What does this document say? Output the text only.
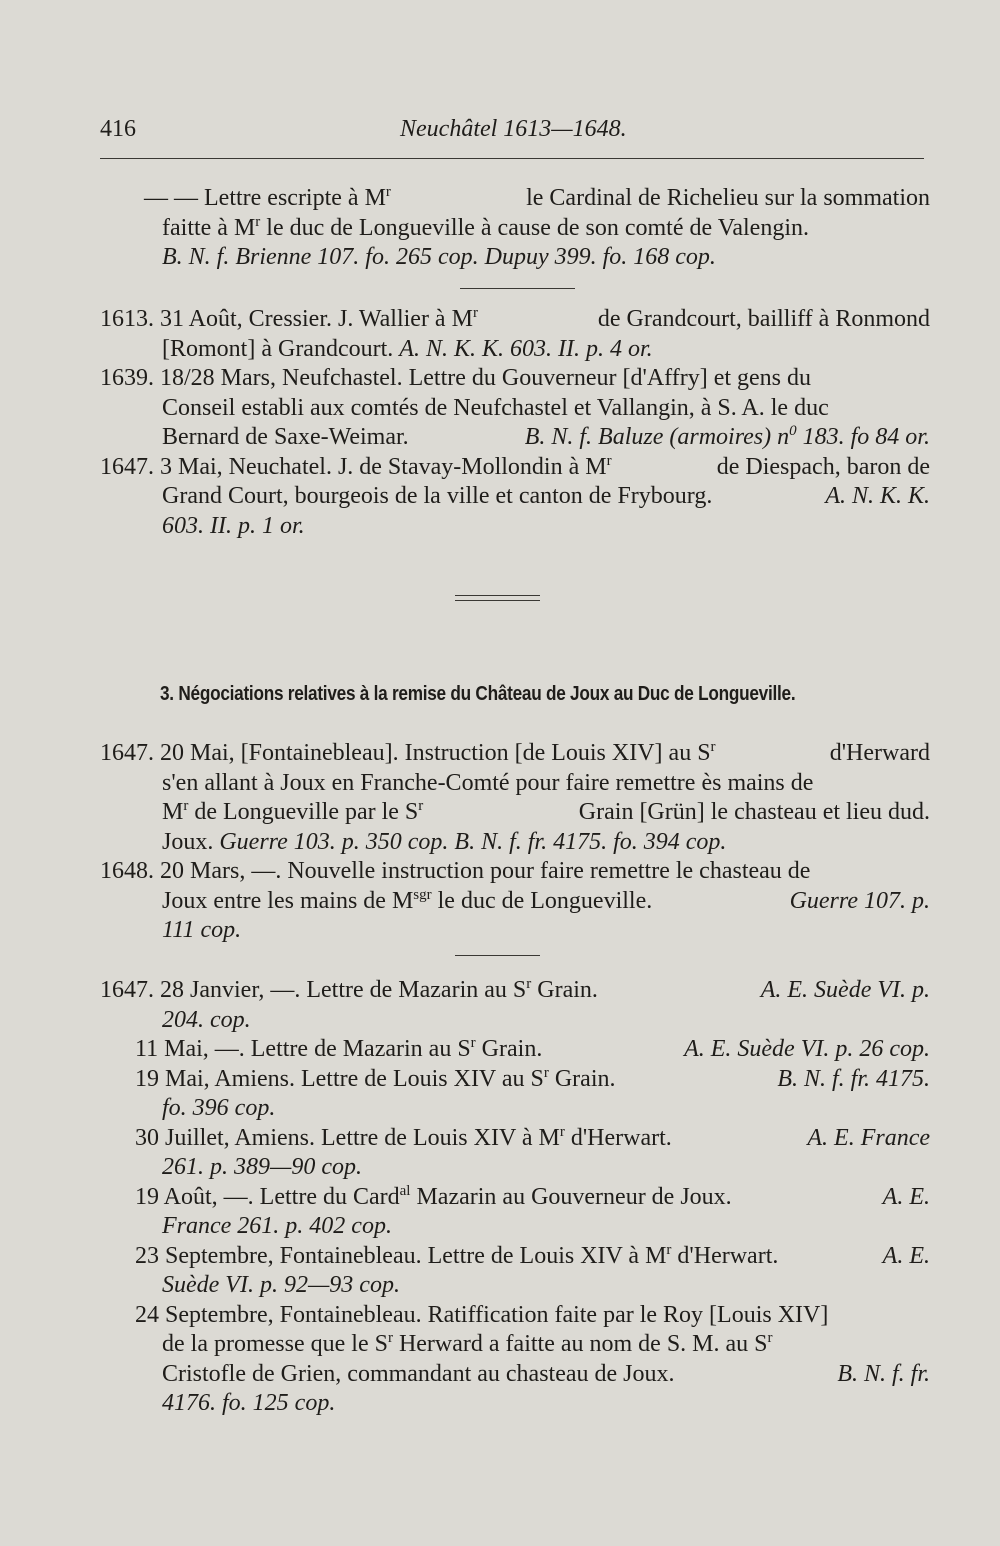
416	Neuchâtel 1613—1648.
— — Lettre escripte à $M^r$	le Cardinal de Richelieu sur la sommation
faitte à $M^r$ le duc de Longueville à cause de son comté de Valengin.
B. N. f. Brienne 107. fo. 265 cop. Dupuy 399. fo. 168 cop.
1613. 31 Août, Cressier. J. Wallier à $M^r$	de Grandcourt, bailliff à Ronmond
[Romont] à Grandcourt. A. N. K. K. 603. II. p. 4 or.
1639. 18/28 Mars, Neufchastel. Lettre du Gouverneur [d'Affry] et gens du
Conseil establi aux comtés de Neufchastel et Vallangin, à S. A. le duc
Bernard de Saxe-Weimar.	B. N. f. Baluze (armoires) $n^0$ 183. fo 84 or.
1647. 3 Mai, Neuchatel. J. de Stavay-Mollondin à $M^r$	de Diespach, baron de
Grand Court, bourgeois de la ville et canton de Frybourg.	A. N. K. K.
603. II. p. 1 or.
3. Négociations relatives à la remise du Château de Joux au Duc de Longueville.
1647. 20 Mai, [Fontainebleau]. Instruction [de Louis XIV] au $S^r$	d'Herward
s'en allant à Joux en Franche-Comté pour faire remettre ès mains de
$M^r$ de Longueville par le $S^r$	Grain [Grün] le chasteau et lieu dud.
Joux. Guerre 103. p. 350 cop. B. N. f. fr. 4175. fo. 394 cop.
1648. 20 Mars, —. Nouvelle instruction pour faire remettre le chasteau de
Joux entre les mains de $M^{sgr}$ le duc de Longueville.	Guerre 107. p.
111 cop.
1647. 28 Janvier, —. Lettre de Mazarin au $S^r$ Grain.	A. E. Suède VI. p.
204. cop.
11 Mai, —. Lettre de Mazarin au $S^r$ Grain.	A. E. Suède VI. p. 26 cop.
19 Mai, Amiens. Lettre de Louis XIV au $S^r$ Grain.	B. N. f. fr. 4175.
fo. 396 cop.
30 Juillet, Amiens. Lettre de Louis XIV à $M^r$ d'Herwart.	A. E. France
261. p. 389—90 cop.
19 Août, —. Lettre du Card$^{al}$ Mazarin au Gouverneur de Joux.	A. E.
France 261. p. 402 cop.
23 Septembre, Fontainebleau. Lettre de Louis XIV à $M^r$ d'Herwart.	A. E.
Suède VI. p. 92—93 cop.
24 Septembre, Fontainebleau. Ratiffication faite par le Roy [Louis XIV]
de la promesse que le $S^r$ Herward a faitte au nom de S. M. au $S^r$
Cristofle de Grien, commandant au chasteau de Joux.	B. N. f. fr.
4176. fo. 125 cop.
